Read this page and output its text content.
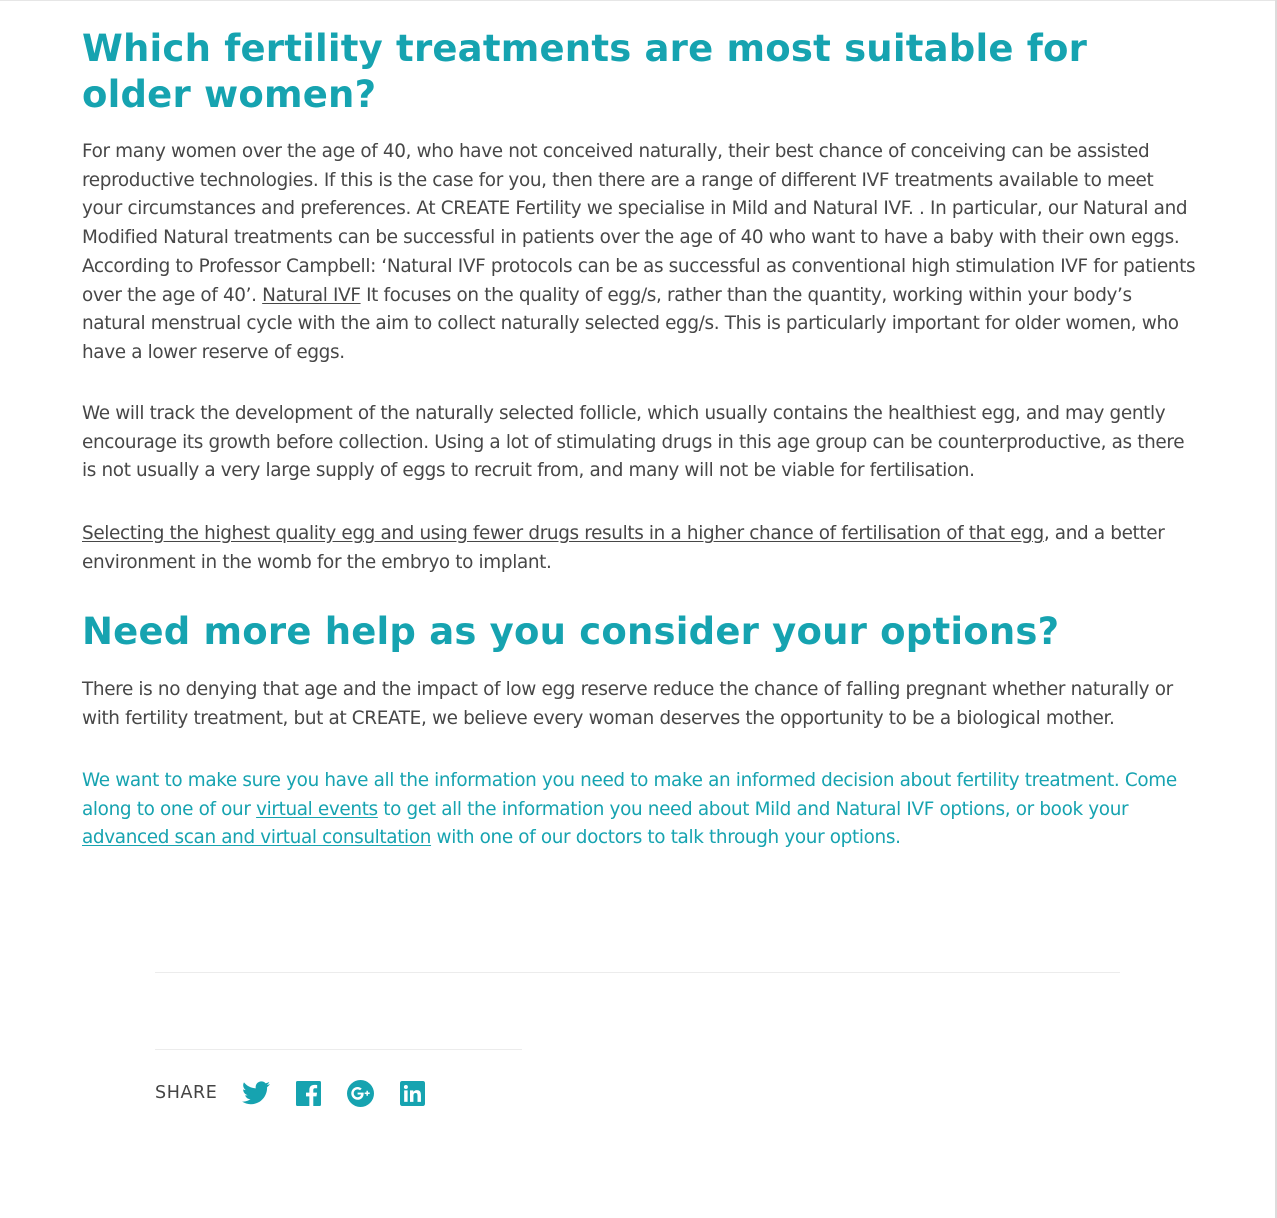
Which fertility treatments are most suitable for older women?

For many women over the age of 40, who have not conceived naturally, their best chance of conceiving can be assisted reproductive technologies. If this is the case for you, then there are a range of different IVF treatments available to meet your circumstances and preferences. At CREATE Fertility we specialise in Mild and Natural IVF. . In particular, our Natural and Modified Natural treatments can be successful in patients over the age of 40 who want to have a baby with their own eggs. According to Professor Campbell: ‘Natural IVF protocols can be as successful as conventional high stimulation IVF for patients over the age of 40’. Natural IVF It focuses on the quality of egg/s, rather than the quantity, working within your body’s natural menstrual cycle with the aim to collect naturally selected egg/s. This is particularly important for older women, who have a lower reserve of eggs.

We will track the development of the naturally selected follicle, which usually contains the healthiest egg, and may gently encourage its growth before collection. Using a lot of stimulating drugs in this age group can be counterproductive, as there is not usually a very large supply of eggs to recruit from, and many will not be viable for fertilisation.

Selecting the highest quality egg and using fewer drugs results in a higher chance of fertilisation of that egg, and a better environment in the womb for the embryo to implant.

Need more help as you consider your options?

There is no denying that age and the impact of low egg reserve reduce the chance of falling pregnant whether naturally or with fertility treatment, but at CREATE, we believe every woman deserves the opportunity to be a biological mother.

We want to make sure you have all the information you need to make an informed decision about fertility treatment. Come along to one of our virtual events to get all the information you need about Mild and Natural IVF options, or book your advanced scan and virtual consultation with one of our doctors to talk through your options.

SHARE
